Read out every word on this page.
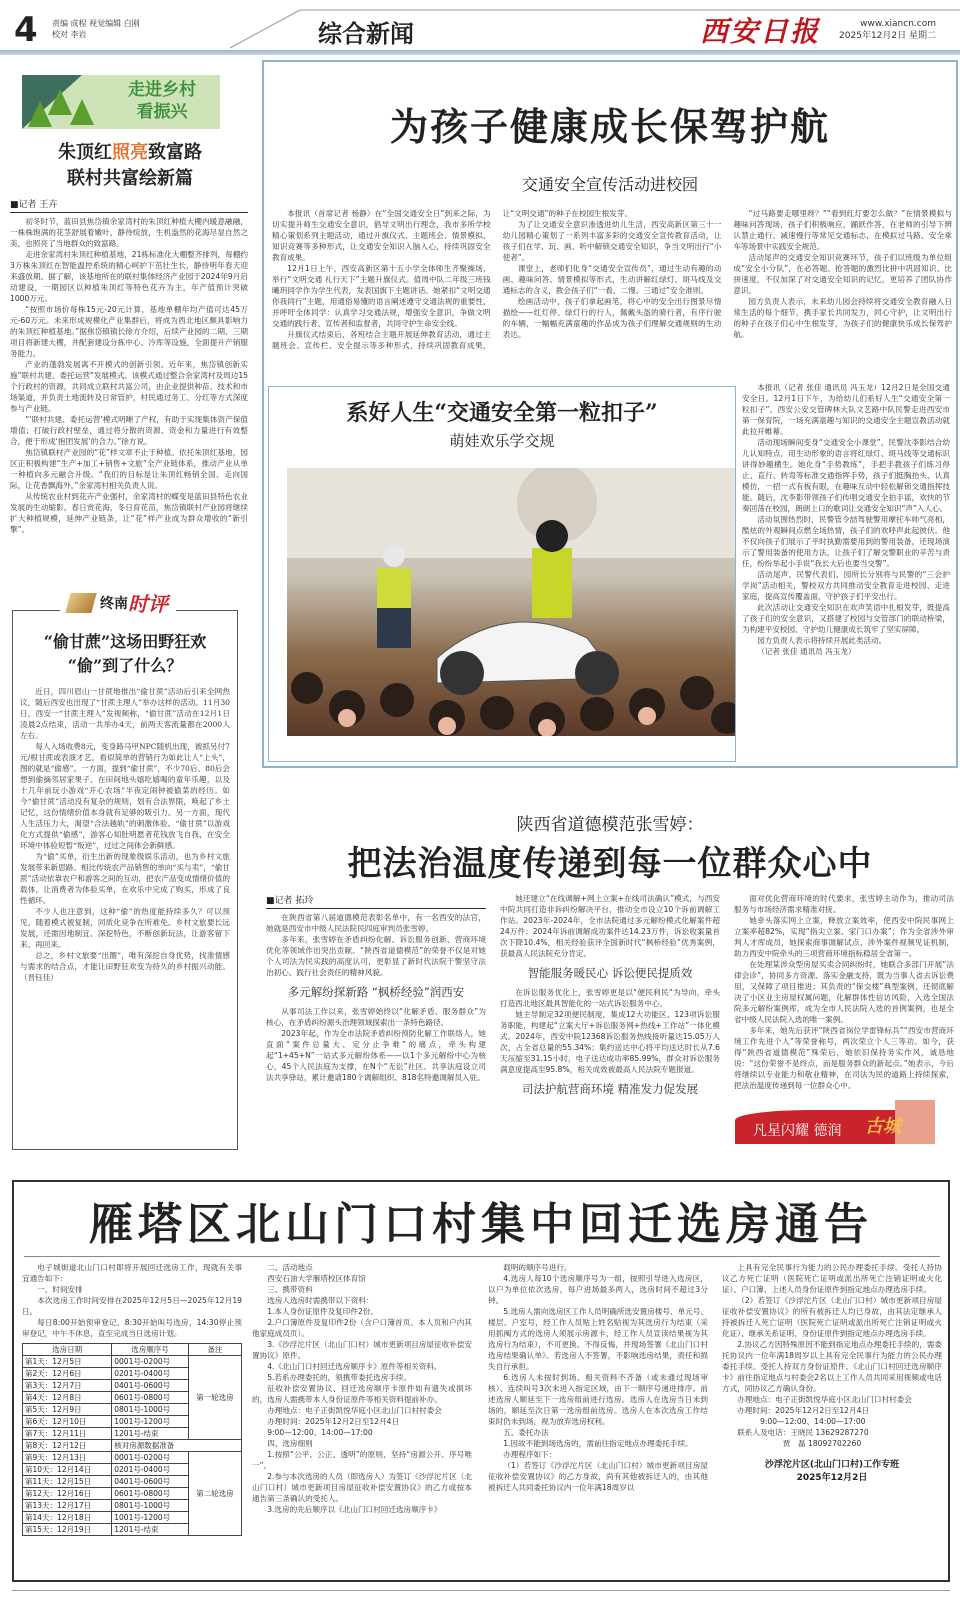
4 责编 成程 视觉编辑 白刚
校对 李岩	综合新闻	西安日报	www.xiancn.com
2025年12月2日 星期二
走进乡村
看振兴
朱顶红照亮致富路
联村共富绘新篇
■记者 王卉

初冬时节，蓝田县焦岱镇余家湾村的朱顶红种植大棚内暖意融融，一株株饱满的花茎舒展着嫩叶，静待绽放，生机盎然的花海尽显自然之美，也照亮了当地群众的致富路。

走进余家湾村朱顶红种植基地，21栋标准化大棚整齐排列，每棚约3万株朱顶红在智能温控系统的精心呵护下茁壮生长，静待明年春天迎来盛放期。据了解，该基地所在的联村集体经济产业园于2024年9月启动建设，一期园区以种植朱顶红等特色花卉为主，年产值预计突破1000万元。

“按照市场价每株15元-20元计算，基地单棚年均产值可达45万元-60万元。未来形成规模化产业集群后，将成为西北地区颇具影响力的朱顶红种植基地。”据焦岱镇镇长徐方介绍，后续产业园的二期、三期项目将新建大棚，并配套建设分拣中心、冷库等设施，全面提升产销服务能力。

产业的蓬勃发展离不开模式的创新引领。近年来，焦岱镇创新实施“联村共建、委托运营”发展模式。该模式通过整合余家湾村及周边15个行政村的资源，共同成立联村共富公司，由企业提供种苗、技术和市场渠道，并负责土地流转及日常管护，村民通过务工、分红等方式深度参与产业链。

“‘联村共建、委托运营’模式明晰了产权，有助于实现集体资产保值增值；打破行政村壁垒，通过将分散的资源、资金和力量进行有效整合，便于形成‘抱团发展’的合力。”徐方说。

焦岱镇联村产业园的“花”样文章不止于种植。依托朱顶红基地，园区正积极构建“生产+加工+销售+文旅”全产业链体系，推动产业从单一种植向多元融合升级。“我们的目标是让朱顶红畅销全国、走向国际，让花香飘海外。”余家湾村相关负责人说。

从传统农业村到花卉产业强村，余家湾村的蝶变是蓝田县特色农业发展的生动缩影。春日赏花海，冬日育花苗，焦岱镇联村产业园将继续扩大种植规模，延伸产业链条，让“花”样产业成为群众增收的“新引擎”。

终南 时评
“偷甘蔗”这场田野狂欢
“偷”到了什么？

近日，四川眉山一甘蔗地推出“偷甘蔗”活动后引来全网热议，随后西安也出现了“甘蔗主理人”举办这样的活动。11月30日，西安一“甘蔗主理人”发视频称，“偷甘蔗”活动在12月1日凌晨2点结束，活动一共举办4天，前两天客流量都在2000人左右。

每人入场收费8元，变身路马甲NPC随机出现，被抓另付7元/根甘蔗或表演才艺。看似简单的营销行为如此让人“上头”，图的就是“偷感”。一方面，提到“偷甘蔗”，不少70后、80后会想到偷摘邻居家果子、在田间地头嬉吃嬉喝的童年乐趣，以及十几年前玩小游戏“开心农场”半夜定闹钟被偷菜的经历。如今“偷甘蔗”活动没有复杂的规则，划有合法界限，唤起了乡土记忆，这份情绪价值本身就有足够的吸引力。另一方面，现代人生活压力大，渴望“合法越轨”的刺激体验。“偷甘蔗”以游戏化方式提供“偷感”，游客心知肚明愿者花钱放飞自我，在安全环境中体验短暂“叛逆”，过过之间体会新鲜感。

为“偷”买单，衍生出新的现象级娱乐活动，也为乡村文旅发展带来新思路。相比传统农产品销售的单向“买与卖”，“偷甘蔗”活动依靠农户和游客之间的互动，把农产品变成情绪价值的载体，让消费者为体验买单，在欢乐中完成了购买，形成了良性循环。

不少人也注意到，这种“偷”的热度能持续多久？可以预见，随着模式被复制，同质化竞争在所难免。乡村文旅要长远发展，还需因地制宜、深挖特色，不断创新玩法，让游客留下来、再回来。

总之，乡村文旅要“出圈”，唯有深挖自身优势，找准情感与需求的结合点，才能让田野狂欢变为持久的乡村振兴动能。（晋钰佳）

为孩子健康成长保驾护航
交通安全宣传活动进校园

本报讯（首席记者 杨静）在“全国交通安全日”到来之际，为切实提升师生交通安全意识，倡导文明出行理念，我市多所学校精心策划系列主题活动，通过升旗仪式、主题班会、情景模拟、知识竞赛等多种形式，让交通安全知识入脑入心，持续巩固安全教育成果。

12月1日上午，西安高新区第十五小学全体师生齐聚操场，举行“文明交通 礼行天下”主题升旗仪式。值周中队二年级三班钱曦玥同学作为学生代表，发表国旗下主题讲话。她紧扣“文明交通 你我同行”主题，用通俗易懂的语言阐述遵守交通法规的重要性，并呼吁全体同学：认真学习交通法规，增强安全意识，争做文明交通的践行者、宣传者和监督者，共同守护生命安全线。

升旗仪式结束后，各班结合主题开展延伸教育活动，通过主题班会、宣传栏、安全提示等多种形式，持续巩固教育成果，让“文明交通”的种子在校园生根发芽。

为了让交通安全意识渗透进幼儿生活，西安高新区第三十一幼儿园精心策划了一系列丰富多彩的交通安全宣传教育活动，让孩子们在学、玩、画、听中解锁交通安全知识，争当文明出行“小使者”。

课堂上，老师们化身“交通安全宣传员”，通过生动有趣的动画、趣味问答、情景模拟等形式，生动讲解红绿灯、斑马线及交通标志的含义，教会孩子们“一看、二慢、三通过”安全准则。

绘画活动中，孩子们拿起画笔，将心中的安全出行图景尽情描绘——红灯停、绿灯行的行人，佩戴头盔的骑行者，有序行驶的车辆，一幅幅充满童趣的作品成为孩子们理解交通规则的生动表达。

“过马路要走哪里呀？”“看到红灯要怎么做？”在情景模拟与趣味问答现场，孩子们积极响应，踊跃作答，在老师的引导下辨认禁止通行、减速慢行等常见交通标志，在模拟过马路、安全乘车等场景中实践安全规范。

活动尾声的交通安全知识竞赛环节，孩子们以班级为单位组成“安全小分队”，在必答题、抢答题的激烈比拼中巩固知识、比拼速度，不仅加深了对交通安全知识的记忆，更培养了团队协作意识。

园方负责人表示，未来幼儿园会持续将交通安全教育融入日常生活的每个细节，携手家长共同发力，同心守护，让文明出行的种子在孩子们心中生根发芽，为孩子们的健康快乐成长保驾护航。

系好人生“交通安全第一粒扣子”
萌娃欢乐学交规

本报讯（记者 张佳 通讯员 冯玉龙）12月2日是全国交通安全日。12月1日下午，为给幼儿们系好人生“交通安全第一粒扣子”，西安公安交管碑林大队文艺路中队民警走进西安市第一保育院，一场充满童趣与知识的交通安全主题宣教活动就此拉开帷幕。

活动现场瞬间变身“交通安全小课堂”，民警沈李影结合幼儿认知特点，用生动形象的语言将红绿灯、斑马线等交通标识讲得妙趣横生。她化身“手势教练”，手把手教孩子们练习停止、直行、转弯等标准交通指挥手势，孩子们挺胸抬头、认真模仿，一招一式有板有眼，在趣味互动中轻松解锁交通指挥技能。随后，沈李影带领孩子们传唱交通安全拍手谣，欢快的节奏回荡在校园，朗朗上口的歌词让交通安全知识“声”入人心。

活动氛围热烈时，民警管令喆驾驶警用摩托车帅气亮相，酷炫的外观瞬间点燃全场热情，孩子们的欢呼声此起彼伏。他不仅向孩子们展示了平时执勤需要用到的警用装备，还现场演示了警用装备的使用方法，让孩子们了解交警职业的辛苦与责任，纷纷举起小手说“我长大后也要当交警”。

活动尾声，民警代表们、园所长分别将与民警的“三会护学岗”活动相关，警校双方共同推动安全教育走进校园、走进家庭，提高宣传覆盖面，守护孩子们平安出行。

此次活动让交通安全知识在欢声笑语中扎根发芽，既提高了孩子们的安全意识，又搭建了校园与交管部门的联动桥梁，为构建平安校园、守护幼儿健康成长筑牢了坚实屏障。

园方负责人表示将持续开展此类活动。

（记者 张佳 通讯员 冯玉龙）

陕西省道德模范张雪婷：
把法治温度传递到每一位群众心中
■记者 拓玲

在陕西省第八届道德模范表彰名单中，有一名西安的法官，她就是西安市中级人民法院民四庭审判员张雪婷。

多年来，张雪婷在矛盾纠纷化解、诉讼服务创新、营商环境优化等领域作出突出贡献。“陕西省道德模范”的荣誉不仅是对她个人司法为民实践的高度认可，更彰显了新时代法院干警坚守法治初心、践行社会责任的精神风貌。

多元解纷探新路 “枫桥经验”润西安

从事司法工作以来，张雪婷始终以“化解矛盾、服务群众”为核心，在矛盾纠纷源头治理领域探索出一条特色路径。

2023年起，作为全市法院矛盾纠纷预防化解工作联络人，她直面“案件总量大、定分止争难”的痛点，牵头构建起“1+45+N”一站式多元解纷体系——以1个多元解纷中心为核心，45个人民法庭为支撑，在N个“无讼”社区、共享法庭设立司法共享驿站，累计邀请180个调解组织、818名特邀调解员入驻。

她还建立“在线调解+网上立案+在线司法确认”模式，与西安中院共同打造非诉纠纷解决平台，推动全市设立10个诉前调解工作站。2023年-2024年，全市法院通过多元解纷模式化解案件超24万件；2024年诉前调解成功案件达14.23万件，诉讼收案量首次下降10.4%，相关经验获评全国新时代“枫桥经验”优秀案例，获最高人民法院充分肯定。

智能服务暖民心 诉讼便民提质效

在诉讼服务优化上，张雪婷更是以“便民利民”为导向，牵头打造西北地区最具智能化的一站式诉讼服务中心。

她主导制定32项便民制度，集成12大功能区、123项诉讼服务职能，构建起“立案大厅+诉讼服务网+热线+工作站”一体化模式。2024年，西安中院12368诉讼服务热线接听量达15.05万人次，占全省总量的55.34%；集约送达中心将平均送达时长从7.6天压缩至31.15小时，电子送达成功率85.99%，群众对诉讼服务满意度提高至95.8%，相关成效被最高人民法院专题报道。

司法护航营商环境 精准发力促发展

面对优化营商环境的时代要求，张雪婷主动作为，推动司法服务与市场经济需求精准对接。

她牵头落实网上立案，释放立案效率，使西安中院民事网上立案率超82%，实现“指尖立案、家门口办案”；作为全省涉外审判人才库成员，她探索商事调解试点、涉外案件视频见证机制，助力西安中院牵头的三项营商环境指标稳居全省第一。

在处理某涉众型房屋买卖合同纠纷时，她联合多部门开展“法律会诊”，协同多方资源、落实金融支持，既为当事人省去诉讼费用，又保障了项目推进；其负责的“保交楼”典型案例，还彻底解决了小区业主房屋权属问题，化解群体性信访风险，入选全国法院多元解纷案例库，成为全市人民法院入选的首例案例，也是全省中级人民法院入选的唯一案例。

多年来，她先后获评“陕西省岗位学雷锋标兵”“西安市营商环境工作先进个人”等荣誉称号，两次荣立个人三等功。如今，获得“陕西省道德模范”殊荣后，她依旧保持务实作风，诚恳地说：“这份荣誉不是终点，而是服务群众的新起点。”她表示，今后将继续以专业能力和敬业精神，在司法为民的道路上持续探索，把法治温度传递到每一位群众心中。

凡星闪耀 德润 古城
雁塔区北山门口村集中回迁选房通告

电子城街道北山门口村即将开展回迁选房工作，现就有关事宜通告如下：

一、时间安排

本次选房工作时间安排在2025年12月5日—2025年12月19日。

每日8:00开始预审登记，8:30开始叫号选房，14:30停止预审登记，中午不休息，直至完成当日选房计划。

选房日期	选房顺序号	备注
第1天：12月5日	0001号-0200号	第一轮选房
第2天：12月6日	0201号-0400号	
第3天：12月7日	0401号-0600号	
第4天：12月8日	0601号-0800号	
第5天：12月9日	0801号-1000号	
第6天：12月10日	1001号-1200号	
第7天：12月11日	1201号-结束	
第8天：12月12日	核对房源数据准备	
第9天：12月13日	0001号-0200号	第二轮选房
第10天：12月14日	0201号-0400号	
第11天：12月15日	0401号-0600号	
第12天：12月16日	0601号-0800号	
第13天：12月17日	0801号-1000号	
第14天：12月18日	1001号-1200号	
第15天：12月19日	1201号-结束	

二、活动地点

西安石油大学雁塔校区体育馆

三、携带资料

选房人选房时需携带以下资料：

1.本人身份证原件及复印件2份。

2.户口簿原件及复印件2份（含户口簿首页、本人页和户内其他家庭成员页）。

3.《沙浮沱片区（北山门口村）城市更新项目房屋征收补偿安置协议》原件。

4.《北山门口村回迁选房顺序卡》原件等相关资料。

5.若系办理委托的，须携带委托选房手续。

征收补偿安置协议、回迁选房顺序卡原件如有遗失或损坏的，选房人需携带本人身份证原件等相关资料提前补办。

办理地点：电子正街凯悦华庭小区北山门口村村委会

办理时间：2025年12月2日至12月4日

9:00—12:00、14:00—17:00

四、选房细则

1.按照“公平、公正、透明”的原则，坚持“房源公开、序号唯一”。

2.参与本次选房的人员（即选房人）为签订《沙浮沱片区（北山门口村）城市更新项目房屋征收补偿安置协议》的乙方或按本通告第三条确认的受托人。

3.选房的先后顺序以《北山门口村回迁选房顺序卡》

载明的顺序号进行。

4.选房人每10个选房顺序号为一组，按照引导进入选房区，以户为单位依次选房，每户进场最多两人，选房时间不超过3分钟。

5.选房人需向选房区工作人员明确所选安置房楼号、单元号、楼层、户室号，经工作人员贴上姓名贴视为其选房行为结束（采用抓阄方式的选房人须展示房源卡，经工作人员宣读结果视为其选房行为结束），不可更换、不得反悔，并现场签署《北山门口村选房结果确认单》。若选房人不签署，不影响选房结果，责任和损失自行承担。

6.选房人未按时到场、相关资料不齐备（或未通过现场审核）、连续叫号3次未进入指定区域，由下一顺序号递进排序。前述选房人顺延至下一选房组前进行选房。选房人在选房当日未到场的，顺延至次日第一选房组前选房。选房人在本次选房工作结束时仍未到场，视为放弃选房权利。

五、委托办法

1.因故不能到场选房的，需前往指定地点办理委托手续。

办理程序如下：

（1）若签订《沙浮沱片区（北山门口村）城市更新项目房屋征收补偿安置协议》的乙方身故，尚有其他被拆迁人的，由其他被拆迁人共同委托协议内一位年满18周岁以

上具有完全民事行为能力的公民办理委托手续。受托人持协议乙方死亡证明（医院死亡证明或派出所死亡注销证明或火化证）、户口簿、上述人员身份证原件到指定地点办理选房手续。

（2）若签订《沙浮沱片区（北山门口村）城市更新项目房屋征收补偿安置协议》的所有被拆迁人均已身故，由其法定继承人持被拆迁人死亡证明（医院死亡证明或派出所死亡注销证明或火化证）、继承关系证明、身份证原件到指定地点办理选房手续。

2.协议乙方因特殊原因不能到指定地点办理委托手续的，需委托协议内一位年满18周岁以上具有完全民事行为能力的公民办理委托手续。受托人持双方身份证原件、《北山门口村回迁选房顺序卡》前往指定地点与村委会2名以上工作人员共同采用视频或电话方式，同协议乙方确认身份。

办理地点：电子正街凯悦华庭小区北山门口村村委会

办理时间：2025年12月2日至12月4日

9:00—12:00、14:00—17:00

联系人及电话：王晓民 13629287270

贾　磊 18092702260

沙浮沱片区(北山门口村)工作专班
2025年12月2日
